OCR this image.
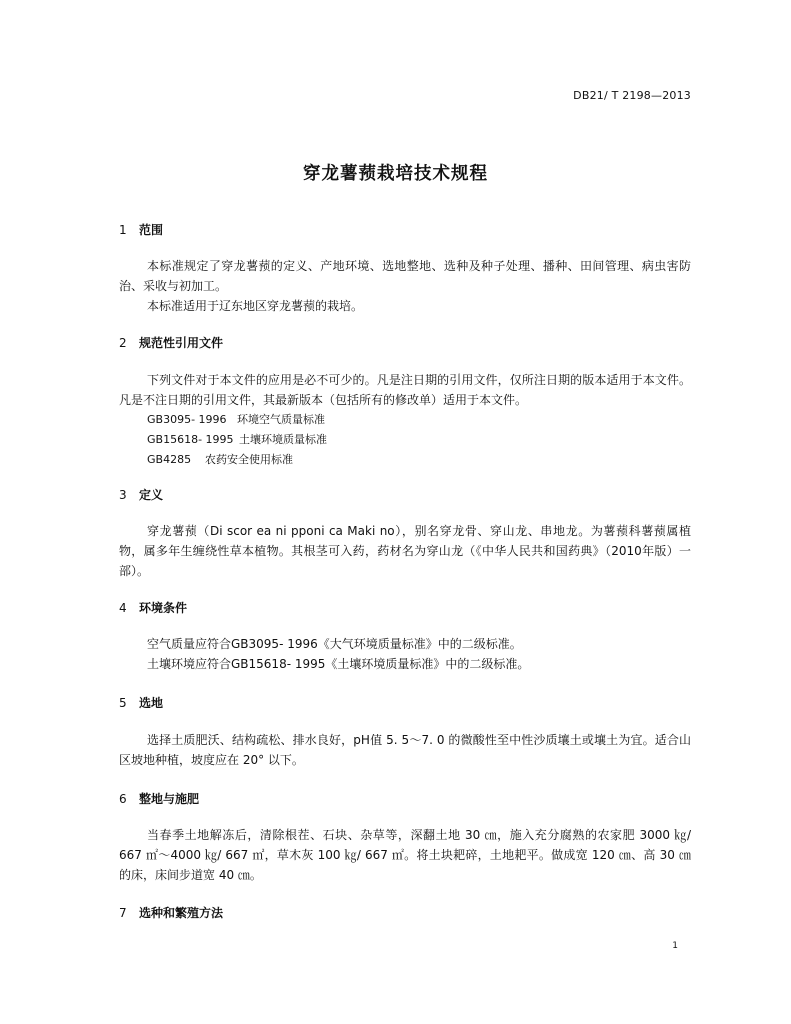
DB21/ T 2198—2013
穿龙薯蓣栽培技术规程
1 范围

本标准规定了穿龙薯蓣的定义、产地环境、选地整地、选种及种子处理、播种、田间管理、病虫害防治、采收与初加工。

本标准适用于辽东地区穿龙薯蓣的栽培。

2 规范性引用文件

下列文件对于本文件的应用是必不可少的。凡是注日期的引用文件，仅所注日期的版本适用于本文件。凡是不注日期的引用文件，其最新版本（包括所有的修改单）适用于本文件。

GB3095- 1996 环境空气质量标准
GB15618- 1995 土壤环境质量标准
GB4285 农药安全使用标准
3 定义

穿龙薯蓣（Di scor ea ni pponi ca Maki no），别名穿龙骨、穿山龙、串地龙。为薯蓣科薯蓣属植物，属多年生缠绕性草本植物。其根茎可入药，药材名为穿山龙（《中华人民共和国药典》（2010年版）一部）。

4 环境条件

空气质量应符合GB3095- 1996《大气环境质量标准》中的二级标准。

土壤环境应符合GB15618- 1995《土壤环境质量标准》中的二级标准。

5 选地

选择土质肥沃、结构疏松、排水良好，pH值 5. 5～7. 0 的微酸性至中性沙质壤土或壤土为宜。适合山区坡地种植，坡度应在 20° 以下。

6 整地与施肥

当春季土地解冻后，清除根茬、石块、杂草等，深翻土地 30 ㎝，施入充分腐熟的农家肥 3000 ㎏/ 667 ㎡～4000 ㎏/ 667 ㎡，草木灰 100 ㎏/ 667 ㎡。将土块耙碎，土地耙平。做成宽 120 ㎝、高 30 ㎝的床，床间步道宽 40 ㎝。

7 选种和繁殖方法
1
